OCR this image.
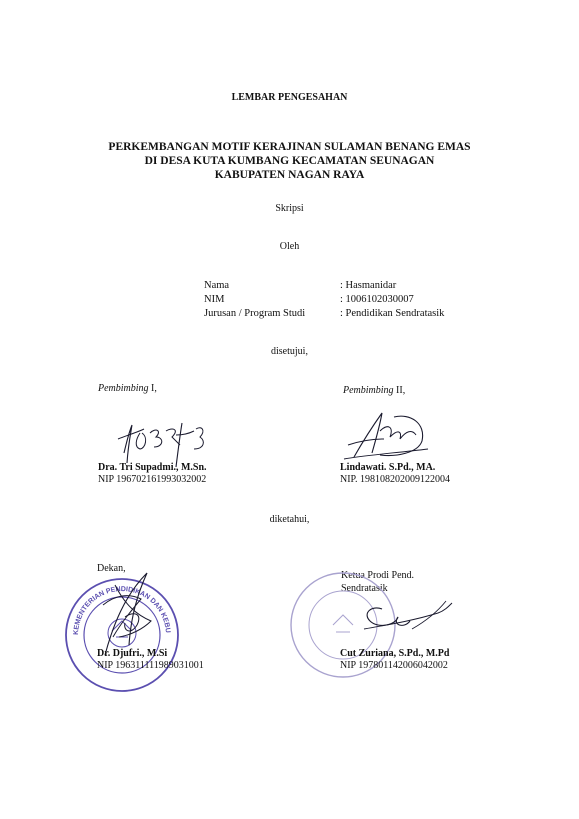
LEMBAR PENGESAHAN
PERKEMBANGAN MOTIF KERAJINAN SULAMAN BENANG EMAS
DI DESA KUTA KUMBANG KECAMATAN SEUNAGAN
KABUPATEN NAGAN RAYA
Skripsi
Oleh
Nama	: Hasmanidar
NIM	: 1006102030007
Jurusan / Program Studi	: Pendidikan Sendratasik
disetujui,
Pembimbing I,
Dra. Tri Supadmi., M.Sn.
NIP 196702161993032002
Pembimbing II,
Lindawati. S.Pd., MA.
NIP. 198108202009122004
diketahui,
Dekan,
KEMENTERIAN PENDIDIKAN DAN KEBUDAYAAN
Dr. Djufri., M.Si
NIP 196311111989031001
Ketua Prodi Pend.
Sendratasik
Cut Zuriana, S.Pd., M.Pd
NIP 197801142006042002
